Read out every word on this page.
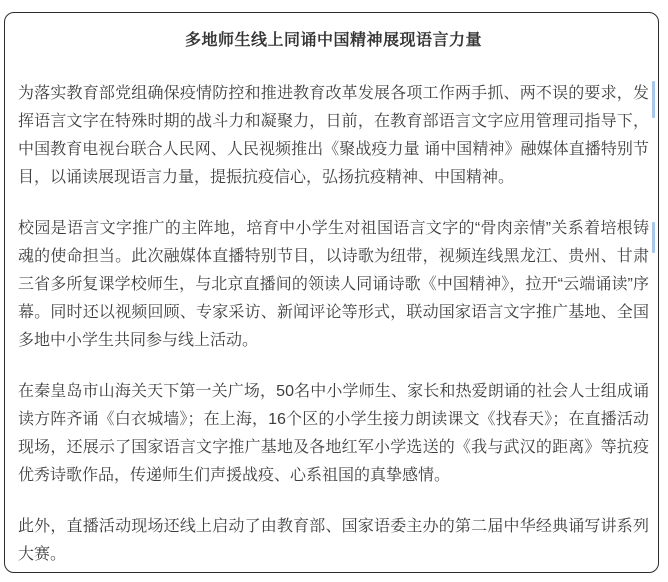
多地师生线上同诵中国精神展现语言力量

为落实教育部党组确保疫情防控和推进教育改革发展各项工作两手抓、两不误的要求，发挥语言文字在特殊时期的战斗力和凝聚力，日前，在教育部语言文字应用管理司指导下，中国教育电视台联合人民网、人民视频推出《聚战疫力量 诵中国精神》融媒体直播特别节目，以诵读展现语言力量，提振抗疫信心，弘扬抗疫精神、中国精神。

校园是语言文字推广的主阵地，培育中小学生对祖国语言文字的“骨肉亲情”关系着培根铸魂的使命担当。此次融媒体直播特别节目，以诗歌为纽带，视频连线黑龙江、贵州、甘肃三省多所复课学校师生，与北京直播间的领读人同诵诗歌《中国精神》，拉开“云端诵读”序幕。同时还以视频回顾、专家采访、新闻评论等形式，联动国家语言文字推广基地、全国多地中小学生共同参与线上活动。

在秦皇岛市山海关天下第一关广场，50名中小学师生、家长和热爱朗诵的社会人士组成诵读方阵齐诵《白衣城墙》；在上海，16个区的小学生接力朗读课文《找春天》；在直播活动现场，还展示了国家语言文字推广基地及各地红军小学选送的《我与武汉的距离》等抗疫优秀诗歌作品，传递师生们声援战疫、心系祖国的真挚感情。

此外，直播活动现场还线上启动了由教育部、国家语委主办的第二届中华经典诵写讲系列大赛。
